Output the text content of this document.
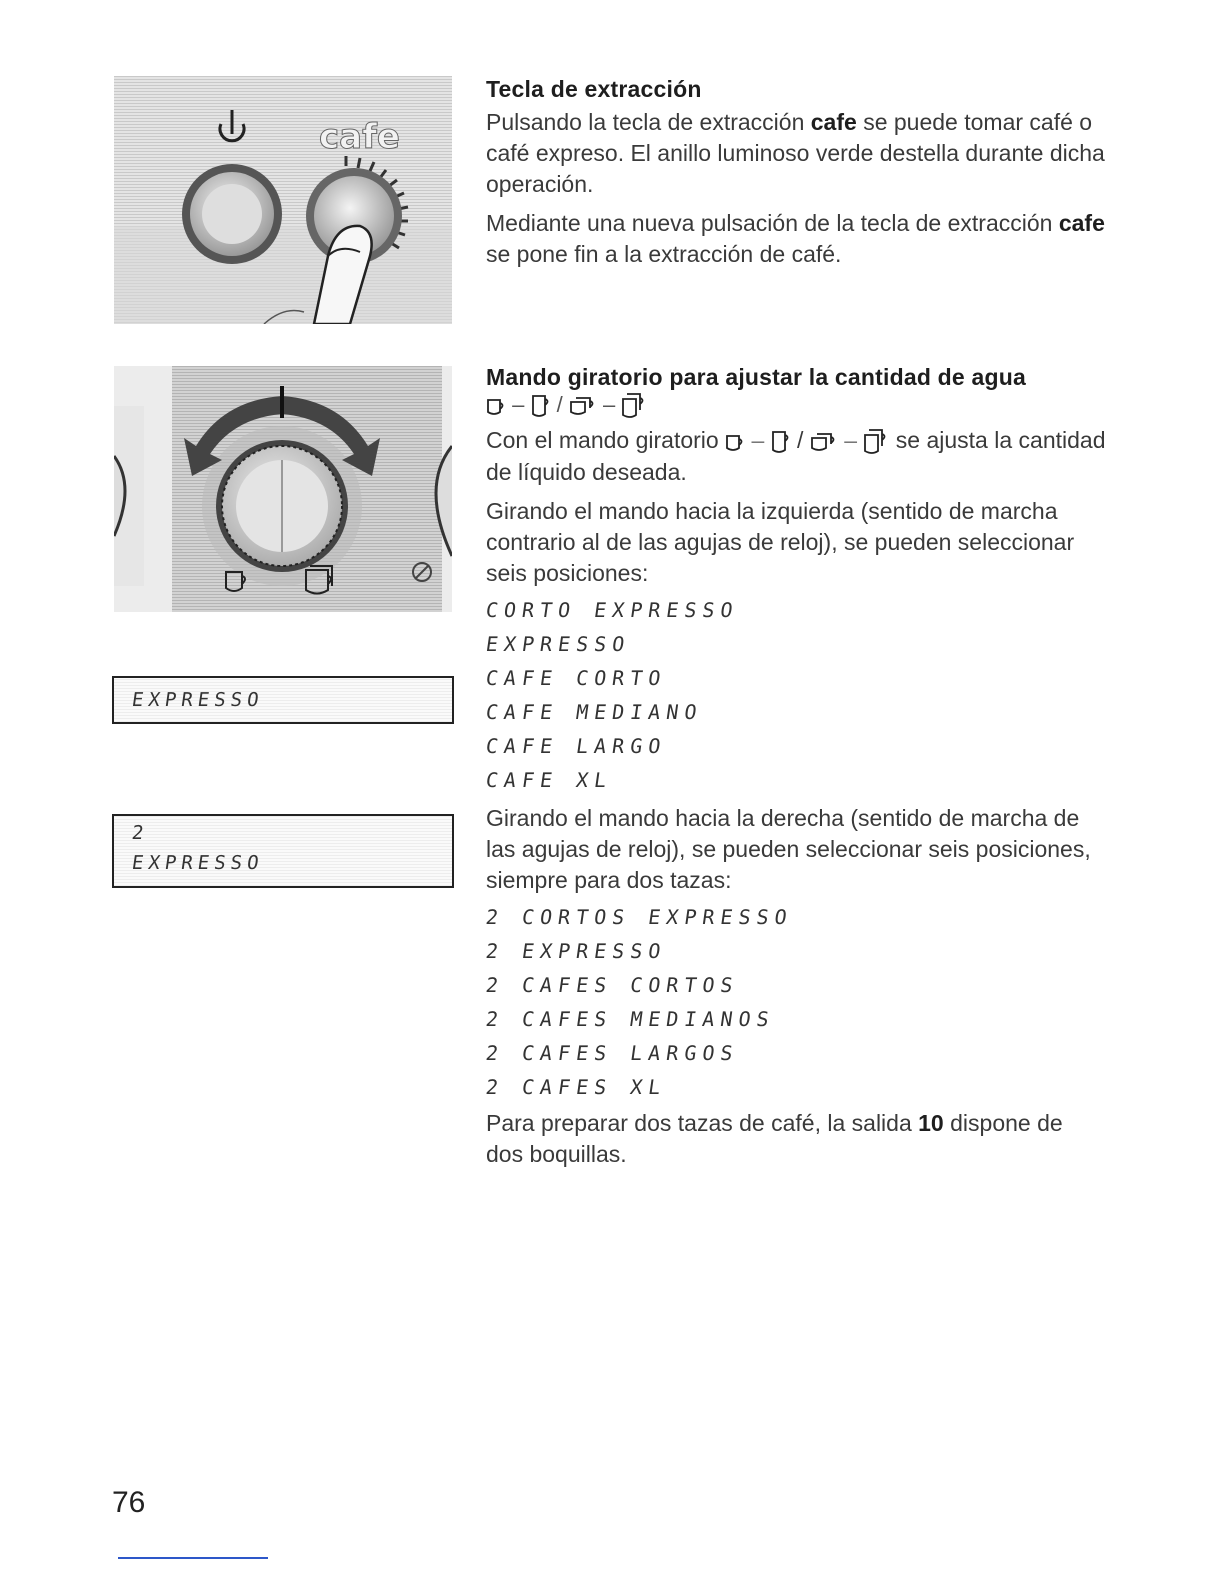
cafe
EXPRESSO
2
EXPRESSO
Tecla de extracción

Pulsando la tecla de extracción cafe se puede tomar café o café expreso. El anillo luminoso verde destella durante dicha operación.

Mediante una nueva pulsación de la tecla de extracción cafe se pone fin a la extracción de café.

Mando giratorio para ajustar la cantidad de agua
– / –

Con el mando giratorio – / – se ajusta la cantidad de líquido deseada.

Girando el mando hacia la izquierda (sentido de marcha contrario al de las agujas de reloj), se pueden seleccionar seis posiciones:

CORTO EXPRESSO
EXPRESSO
CAFE CORTO
CAFE MEDIANO
CAFE LARGO
CAFE XL

Girando el mando hacia la derecha (sentido de marcha de las agujas de reloj), se pueden seleccionar seis posiciones, siempre para dos tazas:

2 CORTOS EXPRESSO
2 EXPRESSO
2 CAFES CORTOS
2 CAFES MEDIANOS
2 CAFES LARGOS
2 CAFES XL

Para preparar dos tazas de café, la salida 10 dispone de dos boquillas.

76
